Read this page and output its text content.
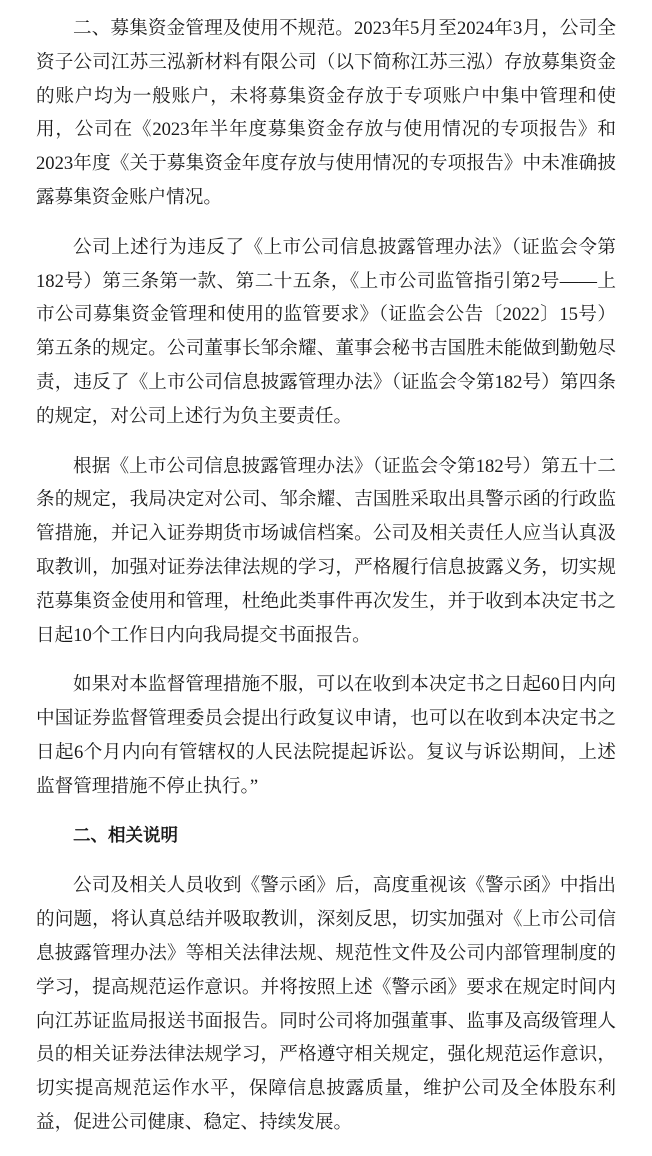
二、募集资金管理及使用不规范。2023年5月至2024年3月，公司全资子公司江苏三泓新材料有限公司（以下简称江苏三泓）存放募集资金的账户均为一般账户，未将募集资金存放于专项账户中集中管理和使用，公司在《2023年半年度募集资金存放与使用情况的专项报告》和2023年度《关于募集资金年度存放与使用情况的专项报告》中未准确披露募集资金账户情况。

公司上述行为违反了《上市公司信息披露管理办法》（证监会令第182号）第三条第一款、第二十五条，《上市公司监管指引第2号——上市公司募集资金管理和使用的监管要求》（证监会公告〔2022〕15号）第五条的规定。公司董事长邹余耀、董事会秘书吉国胜未能做到勤勉尽责，违反了《上市公司信息披露管理办法》（证监会令第182号）第四条的规定，对公司上述行为负主要责任。

根据《上市公司信息披露管理办法》（证监会令第182号）第五十二条的规定，我局决定对公司、邹余耀、吉国胜采取出具警示函的行政监管措施，并记入证券期货市场诚信档案。公司及相关责任人应当认真汲取教训，加强对证券法律法规的学习，严格履行信息披露义务，切实规范募集资金使用和管理，杜绝此类事件再次发生，并于收到本决定书之日起10个工作日内向我局提交书面报告。

如果对本监督管理措施不服，可以在收到本决定书之日起60日内向中国证券监督管理委员会提出行政复议申请，也可以在收到本决定书之日起6个月内向有管辖权的人民法院提起诉讼。复议与诉讼期间，上述监督管理措施不停止执行。”

二、相关说明

公司及相关人员收到《警示函》后，高度重视该《警示函》中指出的问题，将认真总结并吸取教训，深刻反思，切实加强对《上市公司信息披露管理办法》等相关法律法规、规范性文件及公司内部管理制度的学习，提高规范运作意识。并将按照上述《警示函》要求在规定时间内向江苏证监局报送书面报告。同时公司将加强董事、监事及高级管理人员的相关证券法律法规学习，严格遵守相关规定，强化规范运作意识，切实提高规范运作水平，保障信息披露质量，维护公司及全体股东利益，促进公司健康、稳定、持续发展。
